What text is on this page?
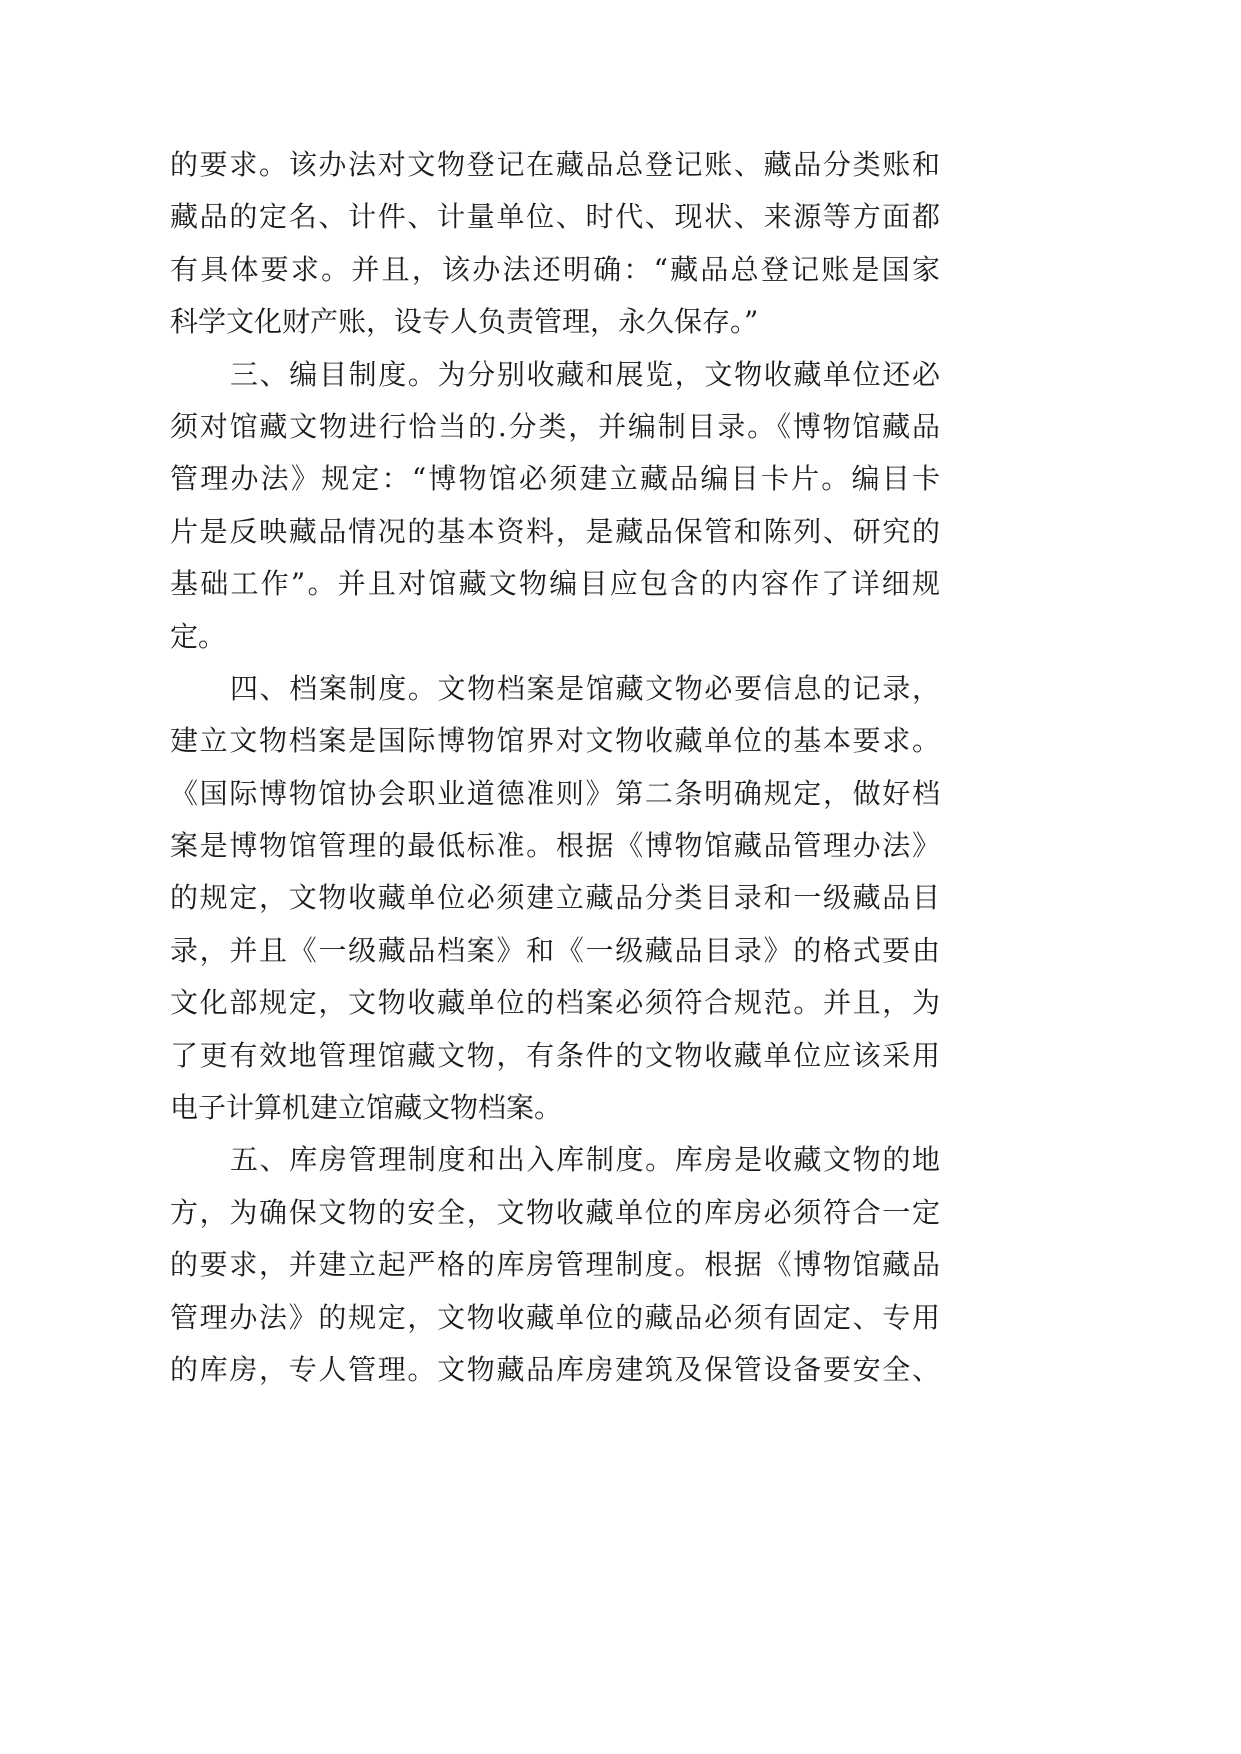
的要求。该办法对文物登记在藏品总登记账、藏品分类账和
藏品的定名、计件、计量单位、时代、现状、来源等方面都
有具体要求。并且，该办法还明确：“藏品总登记账是国家
科学文化财产账，设专人负责管理，永久保存。”
三、编目制度。为分别收藏和展览，文物收藏单位还必
须对馆藏文物进行恰当的.分类，并编制目录。《博物馆藏品
管理办法》规定：“博物馆必须建立藏品编目卡片。编目卡
片是反映藏品情况的基本资料，是藏品保管和陈列、研究的
基础工作”。并且对馆藏文物编目应包含的内容作了详细规
定。
四、档案制度。文物档案是馆藏文物必要信息的记录，
建立文物档案是国际博物馆界对文物收藏单位的基本要求。
《国际博物馆协会职业道德准则》第二条明确规定，做好档
案是博物馆管理的最低标准。根据《博物馆藏品管理办法》
的规定，文物收藏单位必须建立藏品分类目录和一级藏品目
录，并且《一级藏品档案》和《一级藏品目录》的格式要由
文化部规定，文物收藏单位的档案必须符合规范。并且，为
了更有效地管理馆藏文物，有条件的文物收藏单位应该采用
电子计算机建立馆藏文物档案。
五、库房管理制度和出入库制度。库房是收藏文物的地
方，为确保文物的安全，文物收藏单位的库房必须符合一定
的要求，并建立起严格的库房管理制度。根据《博物馆藏品
管理办法》的规定，文物收藏单位的藏品必须有固定、专用
的库房，专人管理。文物藏品库房建筑及保管设备要安全、
